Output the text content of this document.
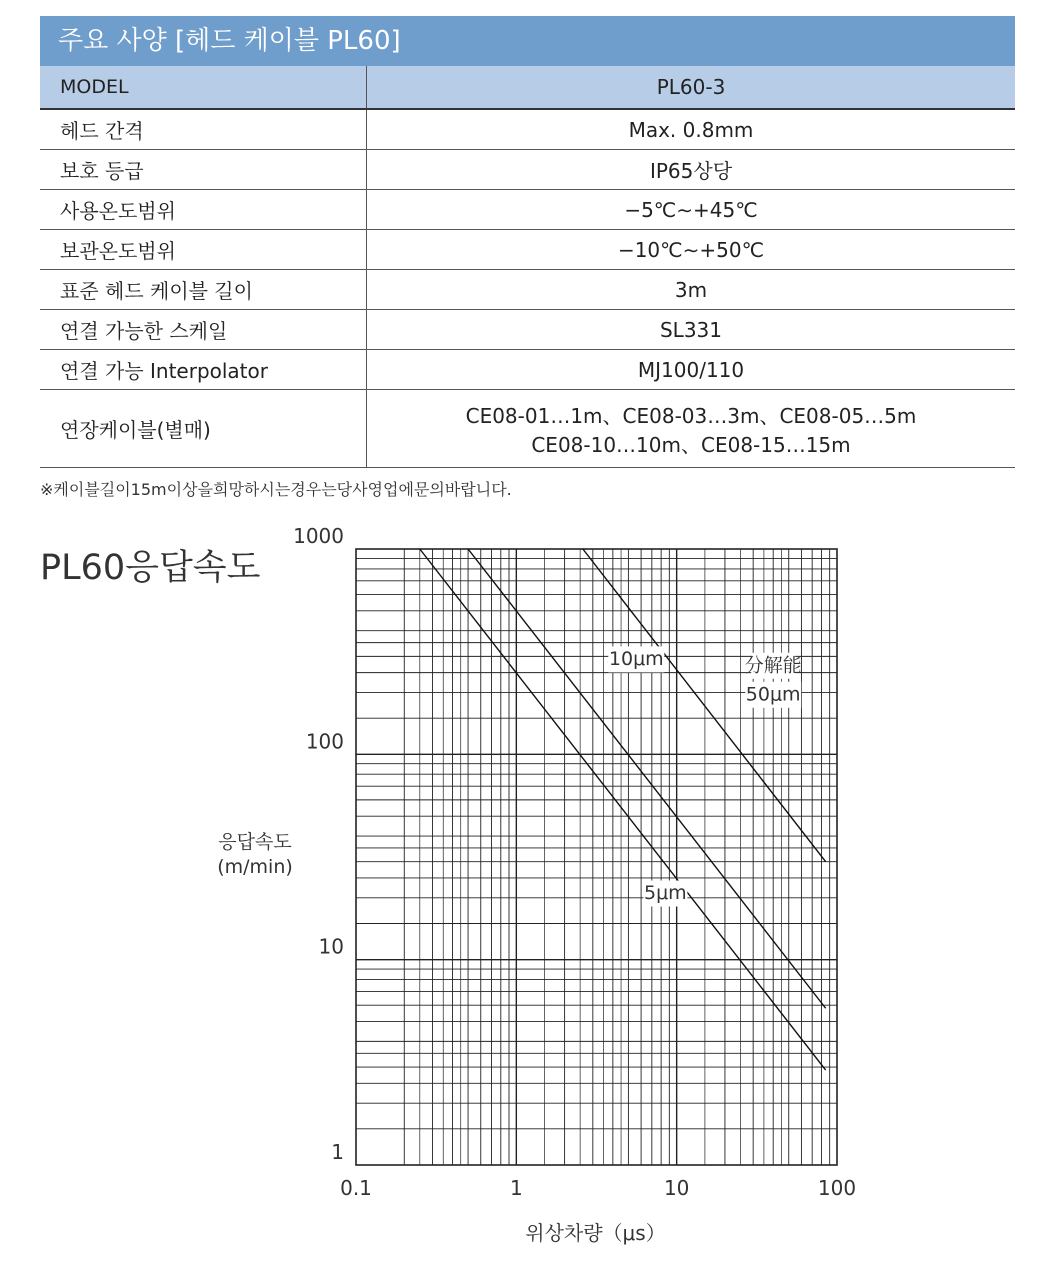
주요 사양 [헤드 케이블 PL60]
MODEL	PL60-3
헤드 간격	Max. 0.8mm
보호 등급	IP65상당
사용온도범위	−5℃∼+45℃
보관온도범위	−10℃∼+50℃
표준 헤드 케이블 길이	3m
연결 가능한 스케일	SL331
연결 가능 Interpolator	MJ100/110
연장케이블(별매)	CE08-01…1m、CE08-03…3m、CE08-05…5m
CE08-10…10m、CE08-15…15m
※케이블길이15m이상을희망하시는경우는당사영업에문의바랍니다.
PL60응답속도
10μm
5μm
分解能
50μm
0.1	1	10	100
1
10
100
1000
위상차량（μs）
응답속도
(m/min)
